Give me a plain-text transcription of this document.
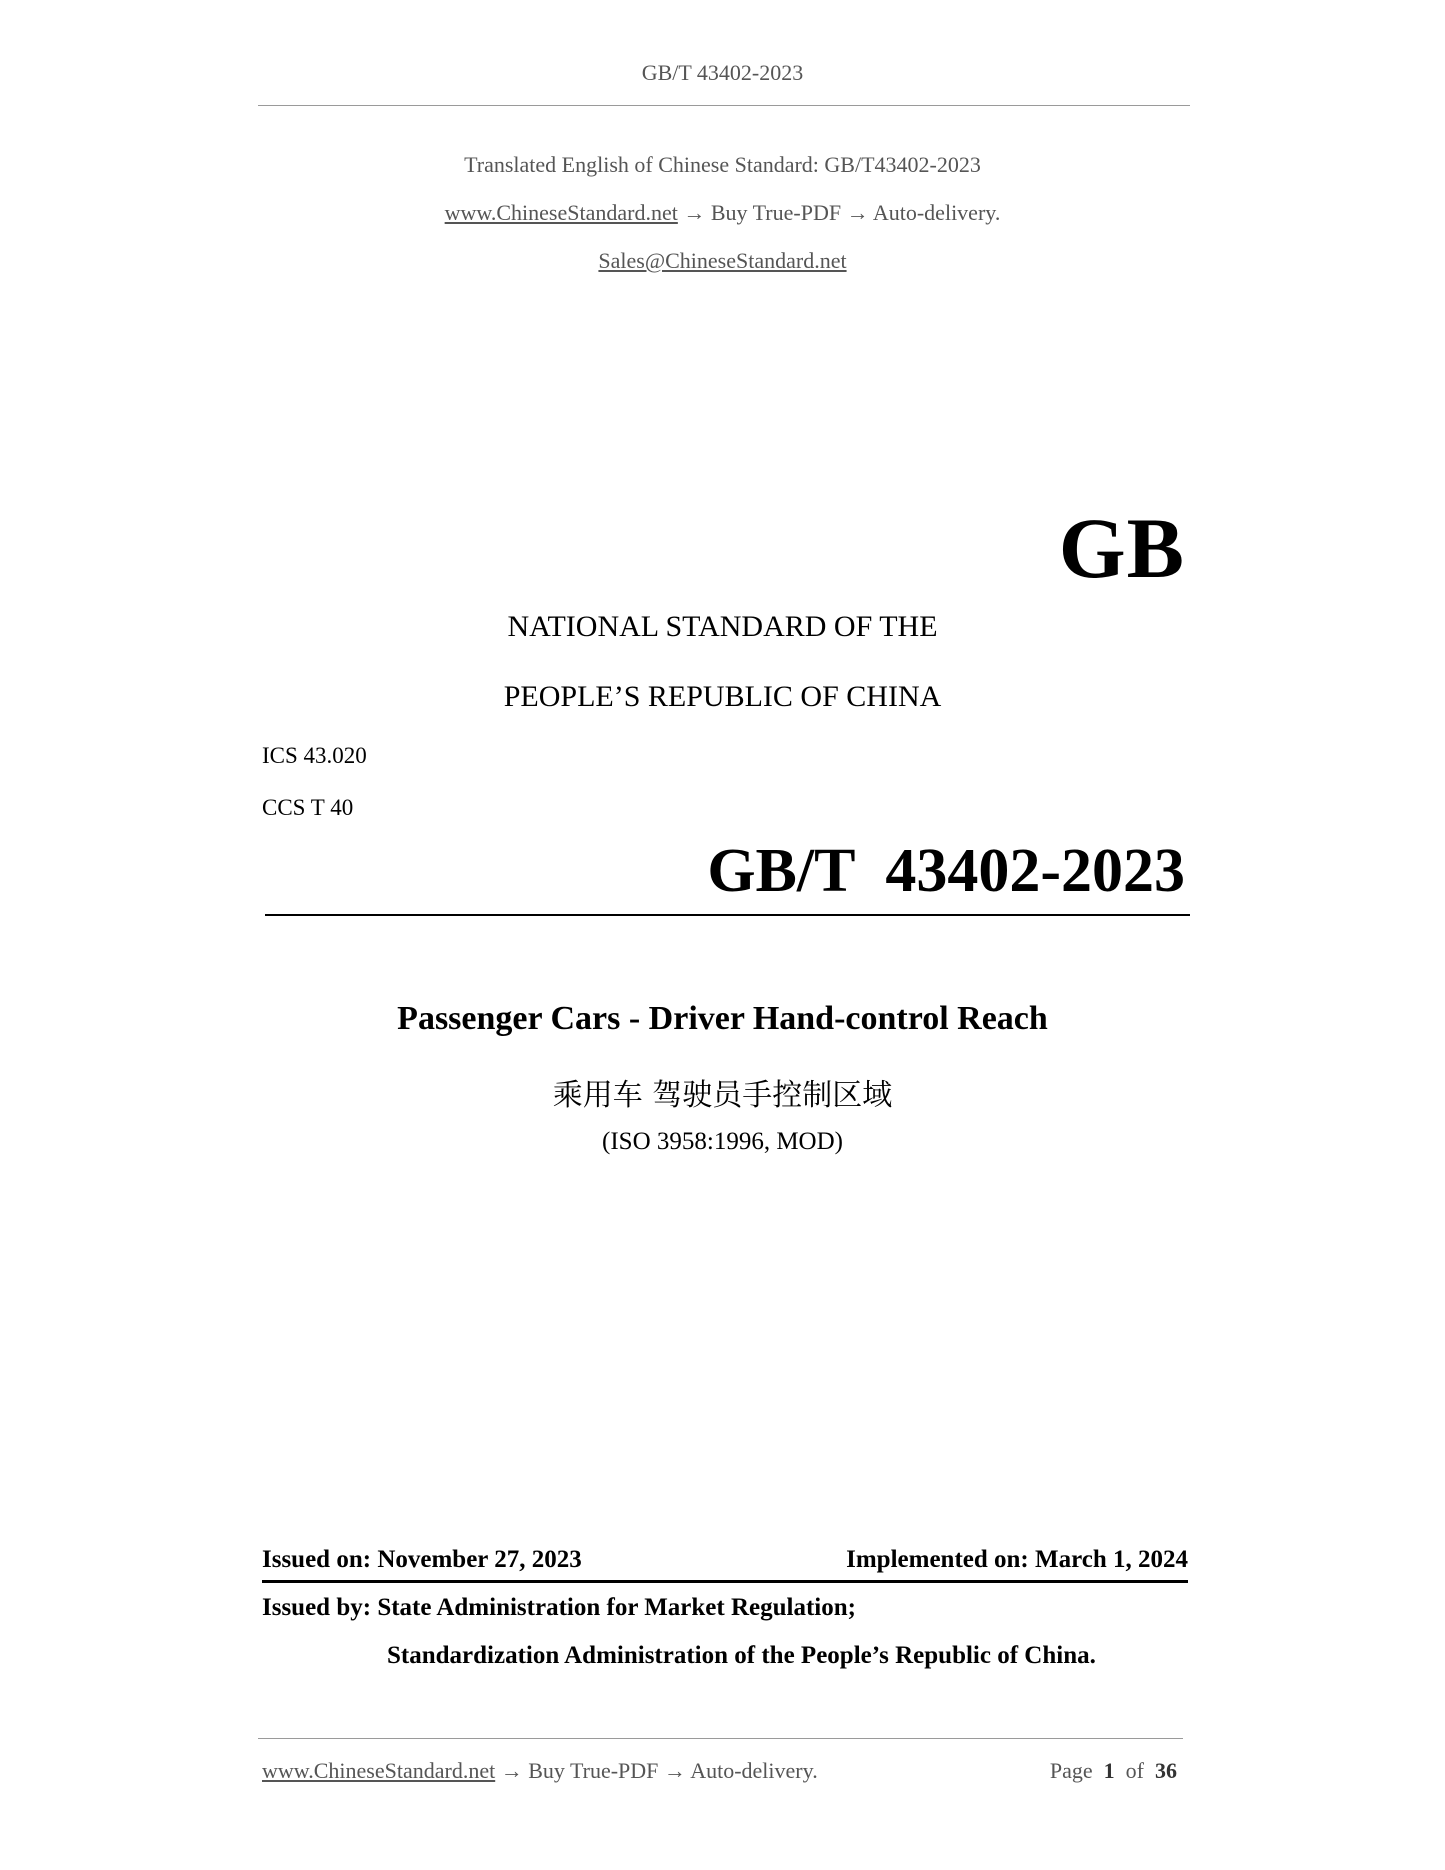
GB/T 43402-2023
Translated English of Chinese Standard: GB/T43402-2023
www.ChineseStandard.net → Buy True-PDF → Auto-delivery.
Sales@ChineseStandard.net
GB
NATIONAL STANDARD OF THE
PEOPLE’S REPUBLIC OF CHINA
ICS 43.020
CCS T 40
GB/T  43402-2023
Passenger Cars - Driver Hand-control Reach
乘用车 驾驶员手控制区域
(ISO 3958:1996, MOD)
Issued on: November 27, 2023	Implemented on: March 1, 2024
Issued by: State Administration for Market Regulation;
Standardization Administration of the People’s Republic of China.
www.ChineseStandard.net → Buy True-PDF → Auto-delivery.	Page 1 of 36
